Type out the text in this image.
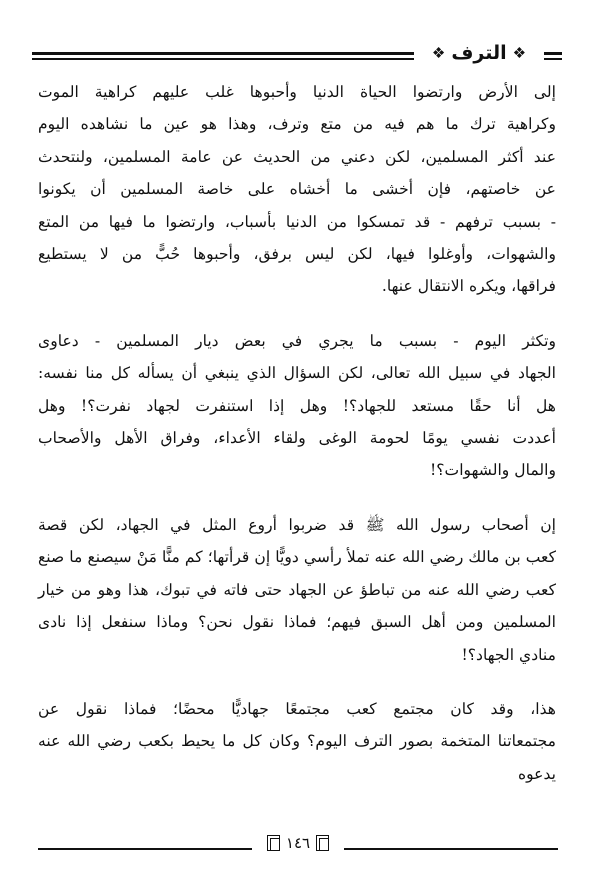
❖ الترف ❖

إلى الأرض وارتضوا الحياة الدنيا وأحبوها غلب عليهم كراهية الموت

وكراهية ترك ما هم فيه من متع وترف، وهذا هو عين ما نشاهده اليوم

عند أكثر المسلمين، لكن دعني من الحديث عن عامة المسلمين، ولنتحدث

عن خاصتهم، فإن أخشى ما أخشاه على خاصة المسلمين أن يكونوا

- بسبب ترفهم - قد تمسكوا من الدنيا بأسباب، وارتضوا ما فيها من المتع

والشهوات، وأوغلوا فيها، لكن ليس برفق، وأحبوها حُبًّ من لا يستطيع

فراقها، ويكره الانتقال عنها.

وتكثر اليوم - بسبب ما يجري في بعض ديار المسلمين - دعاوى

الجهاد في سبيل الله تعالى، لكن السؤال الذي ينبغي أن يسأله كل منا نفسه:

هل أنا حقًا مستعد للجهاد؟! وهل إذا استنفرت لجهاد نفرت؟! وهل

أعددت نفسي يومًا لحومة الوغى ولقاء الأعداء، وفراق الأهل والأصحاب

والمال والشهوات؟!

إن أصحاب رسول الله ﷺ قد ضربوا أروع المثل في الجهاد، لكن قصة

كعب بن مالك رضي الله عنه تملأ رأسي دويًّا إن قرأتها؛ كم منًّا مَنْ سيصنع ما صنع

كعب رضي الله عنه من تباطؤ عن الجهاد حتى فاته في تبوك، هذا وهو من خيار

المسلمين ومن أهل السبق فيهم؛ فماذا نقول نحن؟ وماذا سنفعل إذا نادى

منادي الجهاد؟!

هذا، وقد كان مجتمع كعب مجتمعًا جهاديًّا محضًا؛ فماذا نقول عن

مجتمعاتنا المتخمة بصور الترف اليوم؟ وكان كل ما يحيط بكعب رضي الله عنه يدعوه

١٤٦
